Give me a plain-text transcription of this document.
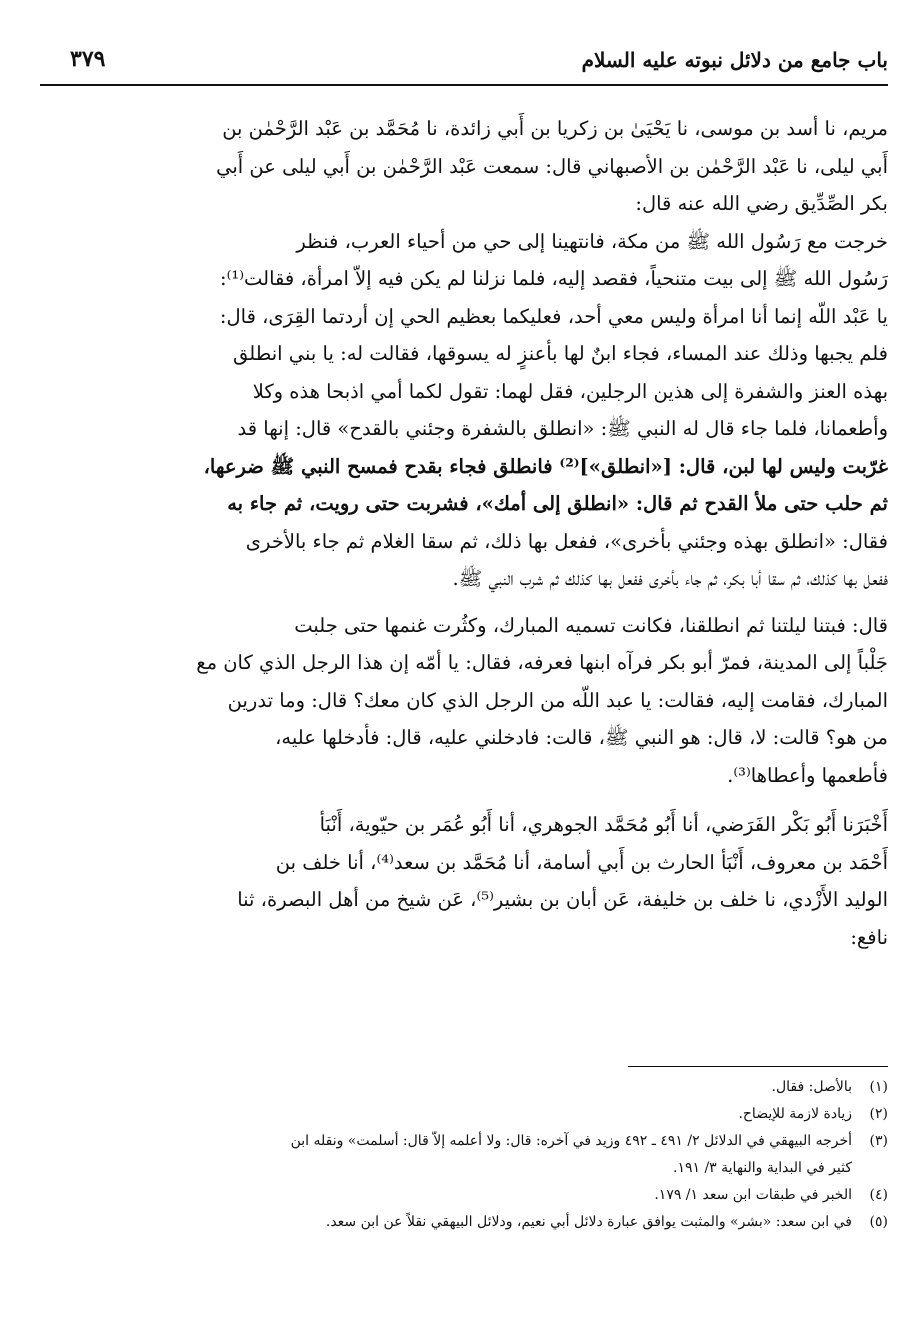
باب جامع من دلائل نبوته عليه السلام
٣٧٩
مريم، نا أسد بن موسى، نا يَحْيَىٰ بن زكريا بن أَبي زائدة، نا مُحَمَّد بن عَبْد الرَّحْمٰن بن
أَبي ليلى، نا عَبْد الرَّحْمٰن بن الأصبهاني قال: سمعت عَبْد الرَّحْمٰن بن أَبي ليلى عن أَبي
بكر الصِّدِّيق رضي الله عنه قال:
خرجت مع رَسُول الله ﷺ من مكة، فانتهينا إلى حي من أحياء العرب، فنظر
رَسُول الله ﷺ إلى بيت متنحياً، فقصد إليه، فلما نزلنا لم يكن فيه إلاّ امرأة، فقالت⁽¹⁾:
يا عَبْد اللّه إنما أنا امرأة وليس معي أحد، فعليكما بعظيم الحي إن أردتما القِرَى، قال:
فلم يجبها وذلك عند المساء، فجاء ابنٌ لها بأعنزٍ له يسوقها، فقالت له: يا بني انطلق
بهذه العنز والشفرة إلى هذين الرجلين، فقل لهما: تقول لكما أمي اذبحا هذه وكلا
وأطعمانا، فلما جاء قال له النبي ﷺ: «انطلق بالشفرة وجئني بالقدح» قال: إنها قد
غرّبت وليس لها لبن، قال: [«انطلق»]⁽²⁾ فانطلق فجاء بقدح فمسح النبي ﷺ ضرعها،
ثم حلب حتى ملأ القدح ثم قال: «انطلق إلى أمك»، فشربت حتى رويت، ثم جاء به
فقال: «انطلق بهذه وجئني بأخرى»، ففعل بها ذلك، ثم سقا الغلام ثم جاء بالأخرى
ففعل بها كذلك، ثم سقا أبا بكر، ثم جاء بأخرى ففعل بها كذلك ثم شرب النبي ﷺ.
قال: فبتنا ليلتنا ثم انطلقنا، فكانت تسميه المبارك، وكثُرت غنمها حتى جلبت
جَلْباً إلى المدينة، فمرّ أبو بكر فرآه ابنها فعرفه، فقال: يا أمّه إن هذا الرجل الذي كان مع
المبارك، فقامت إليه، فقالت: يا عبد اللّه من الرجل الذي كان معك؟ قال: وما تدرين
من هو؟ قالت: لا، قال: هو النبي ﷺ، قالت: فادخلني عليه، قال: فأدخلها عليه،
فأطعمها وأعطاها⁽³⁾.
أَخْبَرَنا أَبُو بَكْر الفَرَضي، أنا أَبُو مُحَمَّد الجوهري، أنا أَبُو عُمَر بن حيّوية، أَنْبَأ
أَحْمَد بن معروف، أَنْبَأ الحارث بن أَبي أسامة، أنا مُحَمَّد بن سعد⁽⁴⁾، أنا خلف بن
الوليد الأَزْدي، نا خلف بن خليفة، عَن أبان بن بشير⁽⁵⁾، عَن شيخ من أهل البصرة، ثنا
نافع:
(١)
بالأصل: فقال.
(٢)
زيادة لازمة للإيضاح.
(٣)
أخرجه البيهقي في الدلائل ٢/ ٤٩١ ـ ٤٩٢ وزيد في آخره: قال: ولا أعلمه إلاّ قال: أسلمت» ونقله ابن
كثير في البداية والنهاية ٣/ ١٩١.
(٤)
الخبر في طبقات ابن سعد ١/ ١٧٩.
(٥)
في ابن سعد: «بشر» والمثبت يوافق عبارة دلائل أبي نعيم، ودلائل البيهقي نقلاً عن ابن سعد.
